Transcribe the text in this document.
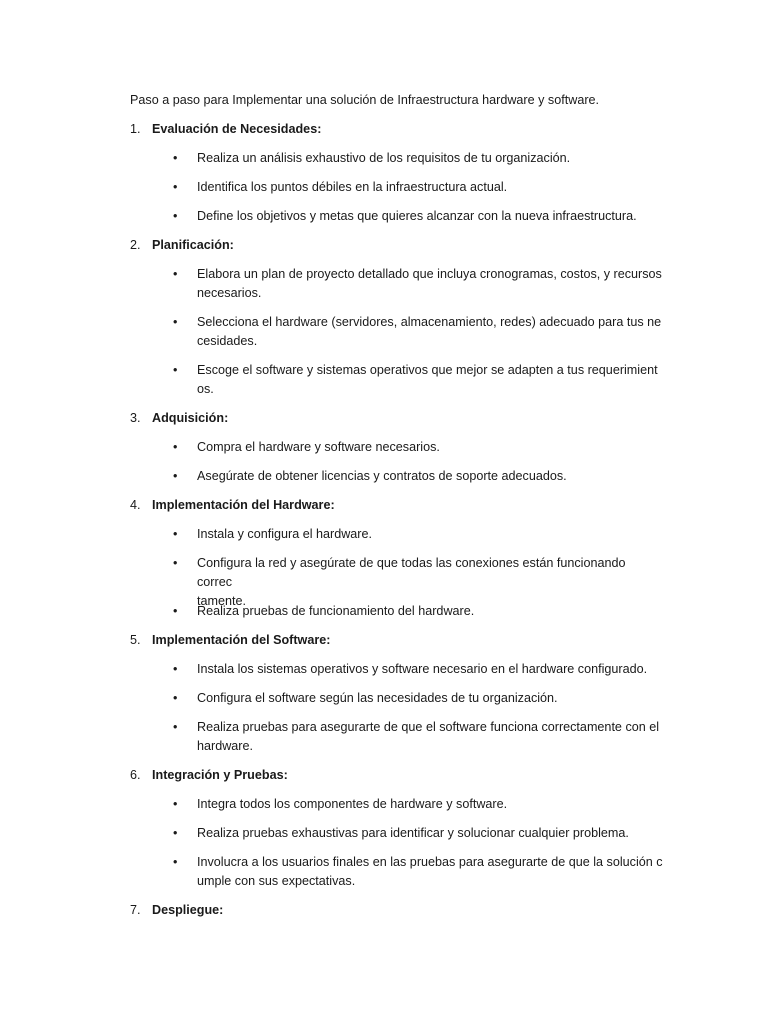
Paso a paso para Implementar una solución de Infraestructura hardware y software.
1. Evaluación de Necesidades:
• Realiza un análisis exhaustivo de los requisitos de tu organización.
• Identifica los puntos débiles en la infraestructura actual.
• Define los objetivos y metas que quieres alcanzar con la nueva infraestructura.
2. Planificación:
• Elabora un plan de proyecto detallado que incluya cronogramas, costos, y recursos
necesarios.
• Selecciona el hardware (servidores, almacenamiento, redes) adecuado para tus ne
cesidades.
• Escoge el software y sistemas operativos que mejor se adapten a tus requerimient
os.
3. Adquisición:
• Compra el hardware y software necesarios.
• Asegúrate de obtener licencias y contratos de soporte adecuados.
4. Implementación del Hardware:
• Instala y configura el hardware.
• Configura la red y asegúrate de que todas las conexiones están funcionando correc
tamente.
• Realiza pruebas de funcionamiento del hardware.
5. Implementación del Software:
• Instala los sistemas operativos y software necesario en el hardware configurado.
• Configura el software según las necesidades de tu organización.
• Realiza pruebas para asegurarte de que el software funciona correctamente con el
hardware.
6. Integración y Pruebas:
• Integra todos los componentes de hardware y software.
• Realiza pruebas exhaustivas para identificar y solucionar cualquier problema.
• Involucra a los usuarios finales en las pruebas para asegurarte de que la solución c
umple con sus expectativas.
7. Despliegue:
